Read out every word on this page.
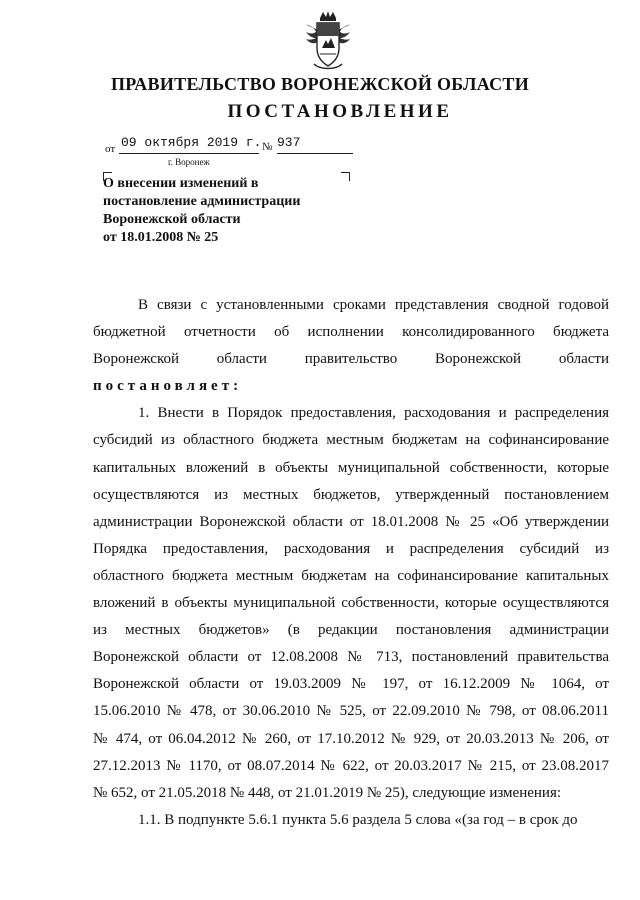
ПРАВИТЕЛЬСТВО ВОРОНЕЖСКОЙ ОБЛАСТИ
ПОСТАНОВЛЕНИЕ
от 09 октября 2019 г. № 937
г. Воронеж
О внесении изменений в
постановление администрации
Воронежской области
от 18.01.2008 № 25
В связи с установленными сроками представления сводной годовой
бюджетной отчетности об исполнении консолидированного бюджета
Воронежской области правительство Воронежской области
постановляет:
1. Внести в Порядок предоставления, расходования и распределения
субсидий из областного бюджета местным бюджетам на софинансирование
капитальных вложений в объекты муниципальной собственности, которые
осуществляются из местных бюджетов, утвержденный постановлением
администрации Воронежской области от 18.01.2008 № 25 «Об утверждении
Порядка предоставления, расходования и распределения субсидий из
областного бюджета местным бюджетам на софинансирование капитальных
вложений в объекты муниципальной собственности, которые осуществляются
из местных бюджетов» (в редакции постановления администрации
Воронежской области от 12.08.2008 № 713, постановлений правительства
Воронежской области от 19.03.2009 № 197, от 16.12.2009 № 1064, от
15.06.2010 № 478, от 30.06.2010 № 525, от 22.09.2010 № 798, от 08.06.2011
№ 474, от 06.04.2012 № 260, от 17.10.2012 № 929, от 20.03.2013 № 206, от
27.12.2013 № 1170, от 08.07.2014 № 622, от 20.03.2017 № 215, от 23.08.2017
№ 652, от 21.05.2018 № 448, от 21.01.2019 № 25), следующие изменения:
1.1. В подпункте 5.6.1 пункта 5.6 раздела 5 слова «(за год – в срок до
